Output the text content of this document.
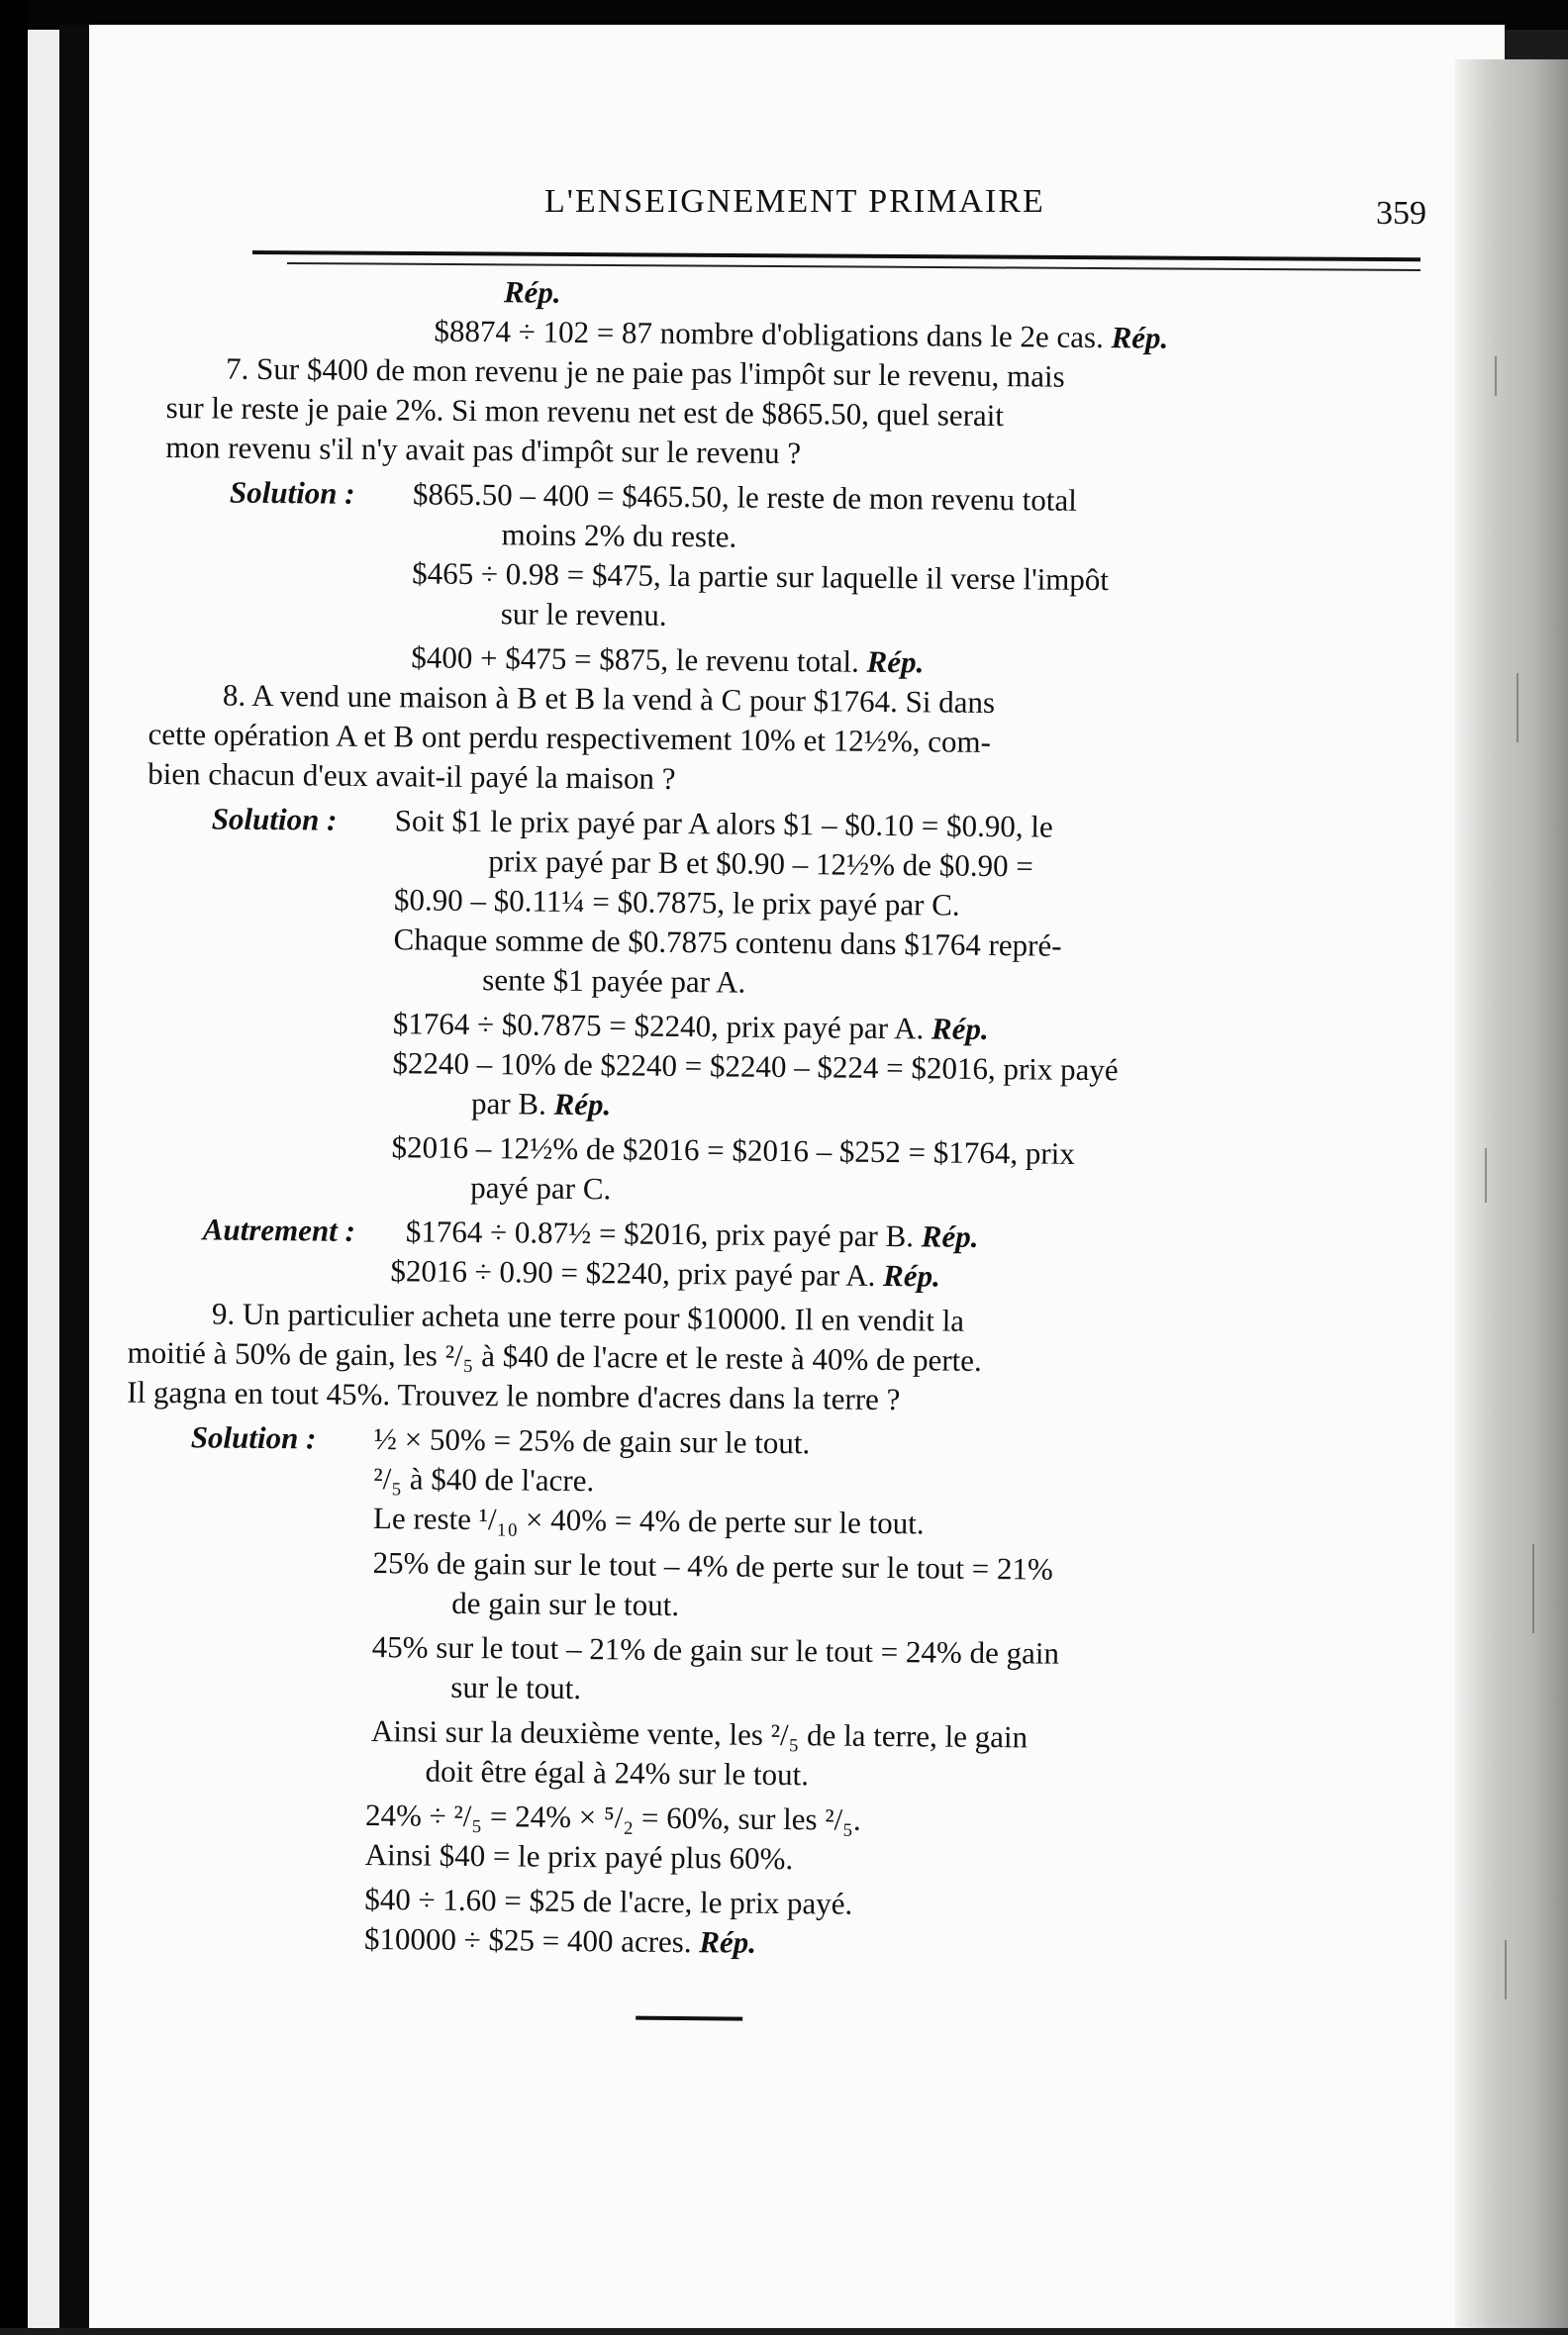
L'ENSEIGNEMENT PRIMAIRE	359
Rép.
$8874 ÷ 102 = 87 nombre d'obligations dans le 2e cas. Rép.
7. Sur $400 de mon revenu je ne paie pas l'impôt sur le revenu, mais
sur le reste je paie 2%. Si mon revenu net est de $865.50, quel serait
mon revenu s'il n'y avait pas d'impôt sur le revenu ?
Solution : $865.50 – 400 = $465.50, le reste de mon revenu total
moins 2% du reste.
$465 ÷ 0.98 = $475, la partie sur laquelle il verse l'impôt
sur le revenu.
$400 + $475 = $875, le revenu total. Rép.
8. A vend une maison à B et B la vend à C pour $1764. Si dans
cette opération A et B ont perdu respectivement 10% et 12½%, com-
bien chacun d'eux avait-il payé la maison ?
Solution : Soit $1 le prix payé par A alors $1 – $0.10 = $0.90, le
prix payé par B et $0.90 – 12½% de $0.90 =
$0.90 – $0.11¼ = $0.7875, le prix payé par C.
Chaque somme de $0.7875 contenu dans $1764 repré-
sente $1 payée par A.
$1764 ÷ $0.7875 = $2240, prix payé par A. Rép.
$2240 – 10% de $2240 = $2240 – $224 = $2016, prix payé
par B. Rép.
$2016 – 12½% de $2016 = $2016 – $252 = $1764, prix
payé par C.
Autrement : $1764 ÷ 0.87½ = $2016, prix payé par B. Rép.
$2016 ÷ 0.90 = $2240, prix payé par A. Rép.
9. Un particulier acheta une terre pour $10000. Il en vendit la
moitié à 50% de gain, les ²/₅ à $40 de l'acre et le reste à 40% de perte.
Il gagna en tout 45%. Trouvez le nombre d'acres dans la terre ?
Solution : ½ × 50% = 25% de gain sur le tout.
²/₅ à $40 de l'acre.
Le reste ¹/₁₀ × 40% = 4% de perte sur le tout.
25% de gain sur le tout – 4% de perte sur le tout = 21%
de gain sur le tout.
45% sur le tout – 21% de gain sur le tout = 24% de gain
sur le tout.
Ainsi sur la deuxième vente, les ²/₅ de la terre, le gain
doit être égal à 24% sur le tout.
24% ÷ ²/₅ = 24% × ⁵/₂ = 60%, sur les ²/₅.
Ainsi $40 = le prix payé plus 60%.
$40 ÷ 1.60 = $25 de l'acre, le prix payé.
$10000 ÷ $25 = 400 acres. Rép.
